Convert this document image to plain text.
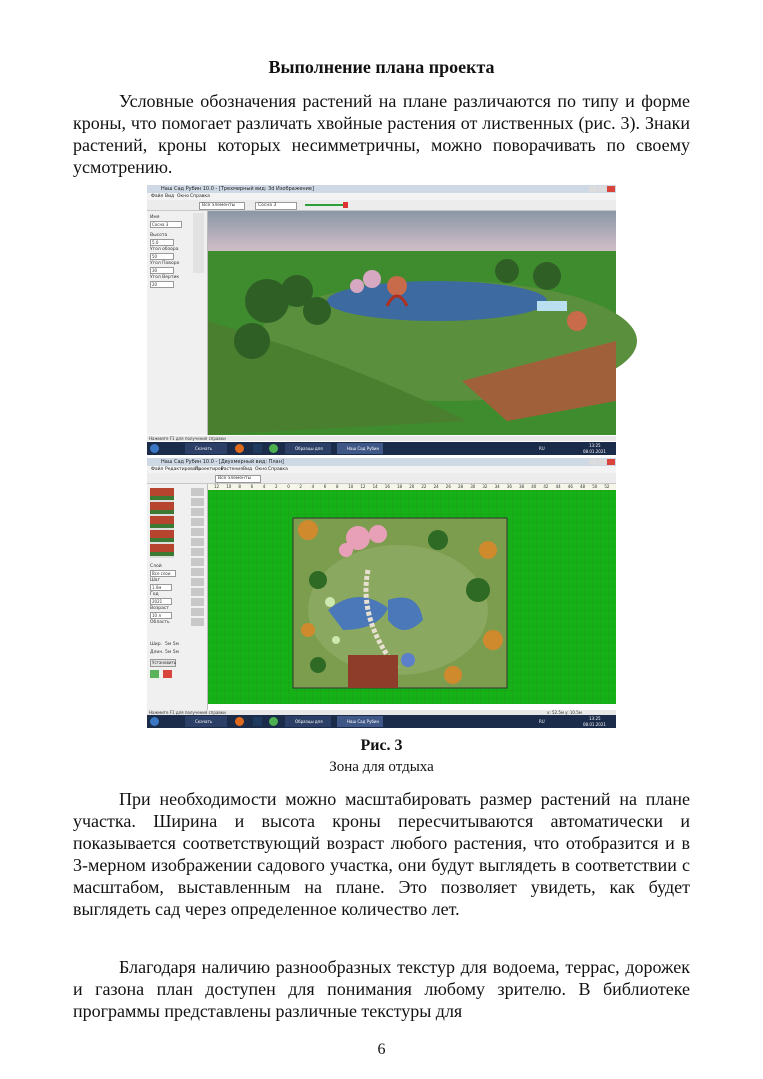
Выполнение плана проекта

Условные обозначения растений на плане различаются по типу и форме кроны, что помогает различать хвойные растения от лиственных (рис. 3). Знаки растений, кроны которых несимметричны, можно поворачивать по своему усмотрению.

Наш Сад Рубин 10.0 - [Трехмерный вид: 3d Изображение]
Файл Вид Окно Справка
Все элементы	Сосна 3
Имя
Сосна 3
Высота
5.0
Угол обзора
50
Угол Поворо
30
Угол Вертик
20
Нажмите F1 для получения справки
Скачать	Образцы для	Наш Сад Рубин	RU
13:25
08.01.2021
Наш Сад Рубин 10.0 - [Двухмерный вид: План]
Файл Редактировать
Проектиров
Растения Вид Окно Справка
Все элементы
Слой
Все слои
Шаг
1.0м
Год
2021
Возраст
10 л
Область
Шир. 5м 5м
Длин. 5м 5м
Установить
12 10 8 6 4 2 0 2 4 6 8 10 12 14 16 18 20 22 24 26 28 30 32 34 36 38 40 42 44 46 48 50 52
Нажмите F1 для получения справки	x: 52.5м y: 10.5м
Скачать	Образцы для РМ...
Наш Сад Рубин 10...
RU
13:25
08.01.2021
Рис. 3
Зона для отдыха

При необходимости можно масштабировать размер растений на плане участка. Ширина и высота кроны пересчитываются автоматически и показывается соответствующий возраст любого растения, что отобразится и в 3-мерном изображении садового участка, они будут выглядеть в соответствии с масштабом, выставленным на плане. Это позволяет увидеть, как будет выглядеть сад через определенное количество лет.

Благодаря наличию разнообразных текстур для водоема, террас, дорожек и газона план доступен для понимания любому зрителю. В библиотеке программы представлены различные текстуры для

6
